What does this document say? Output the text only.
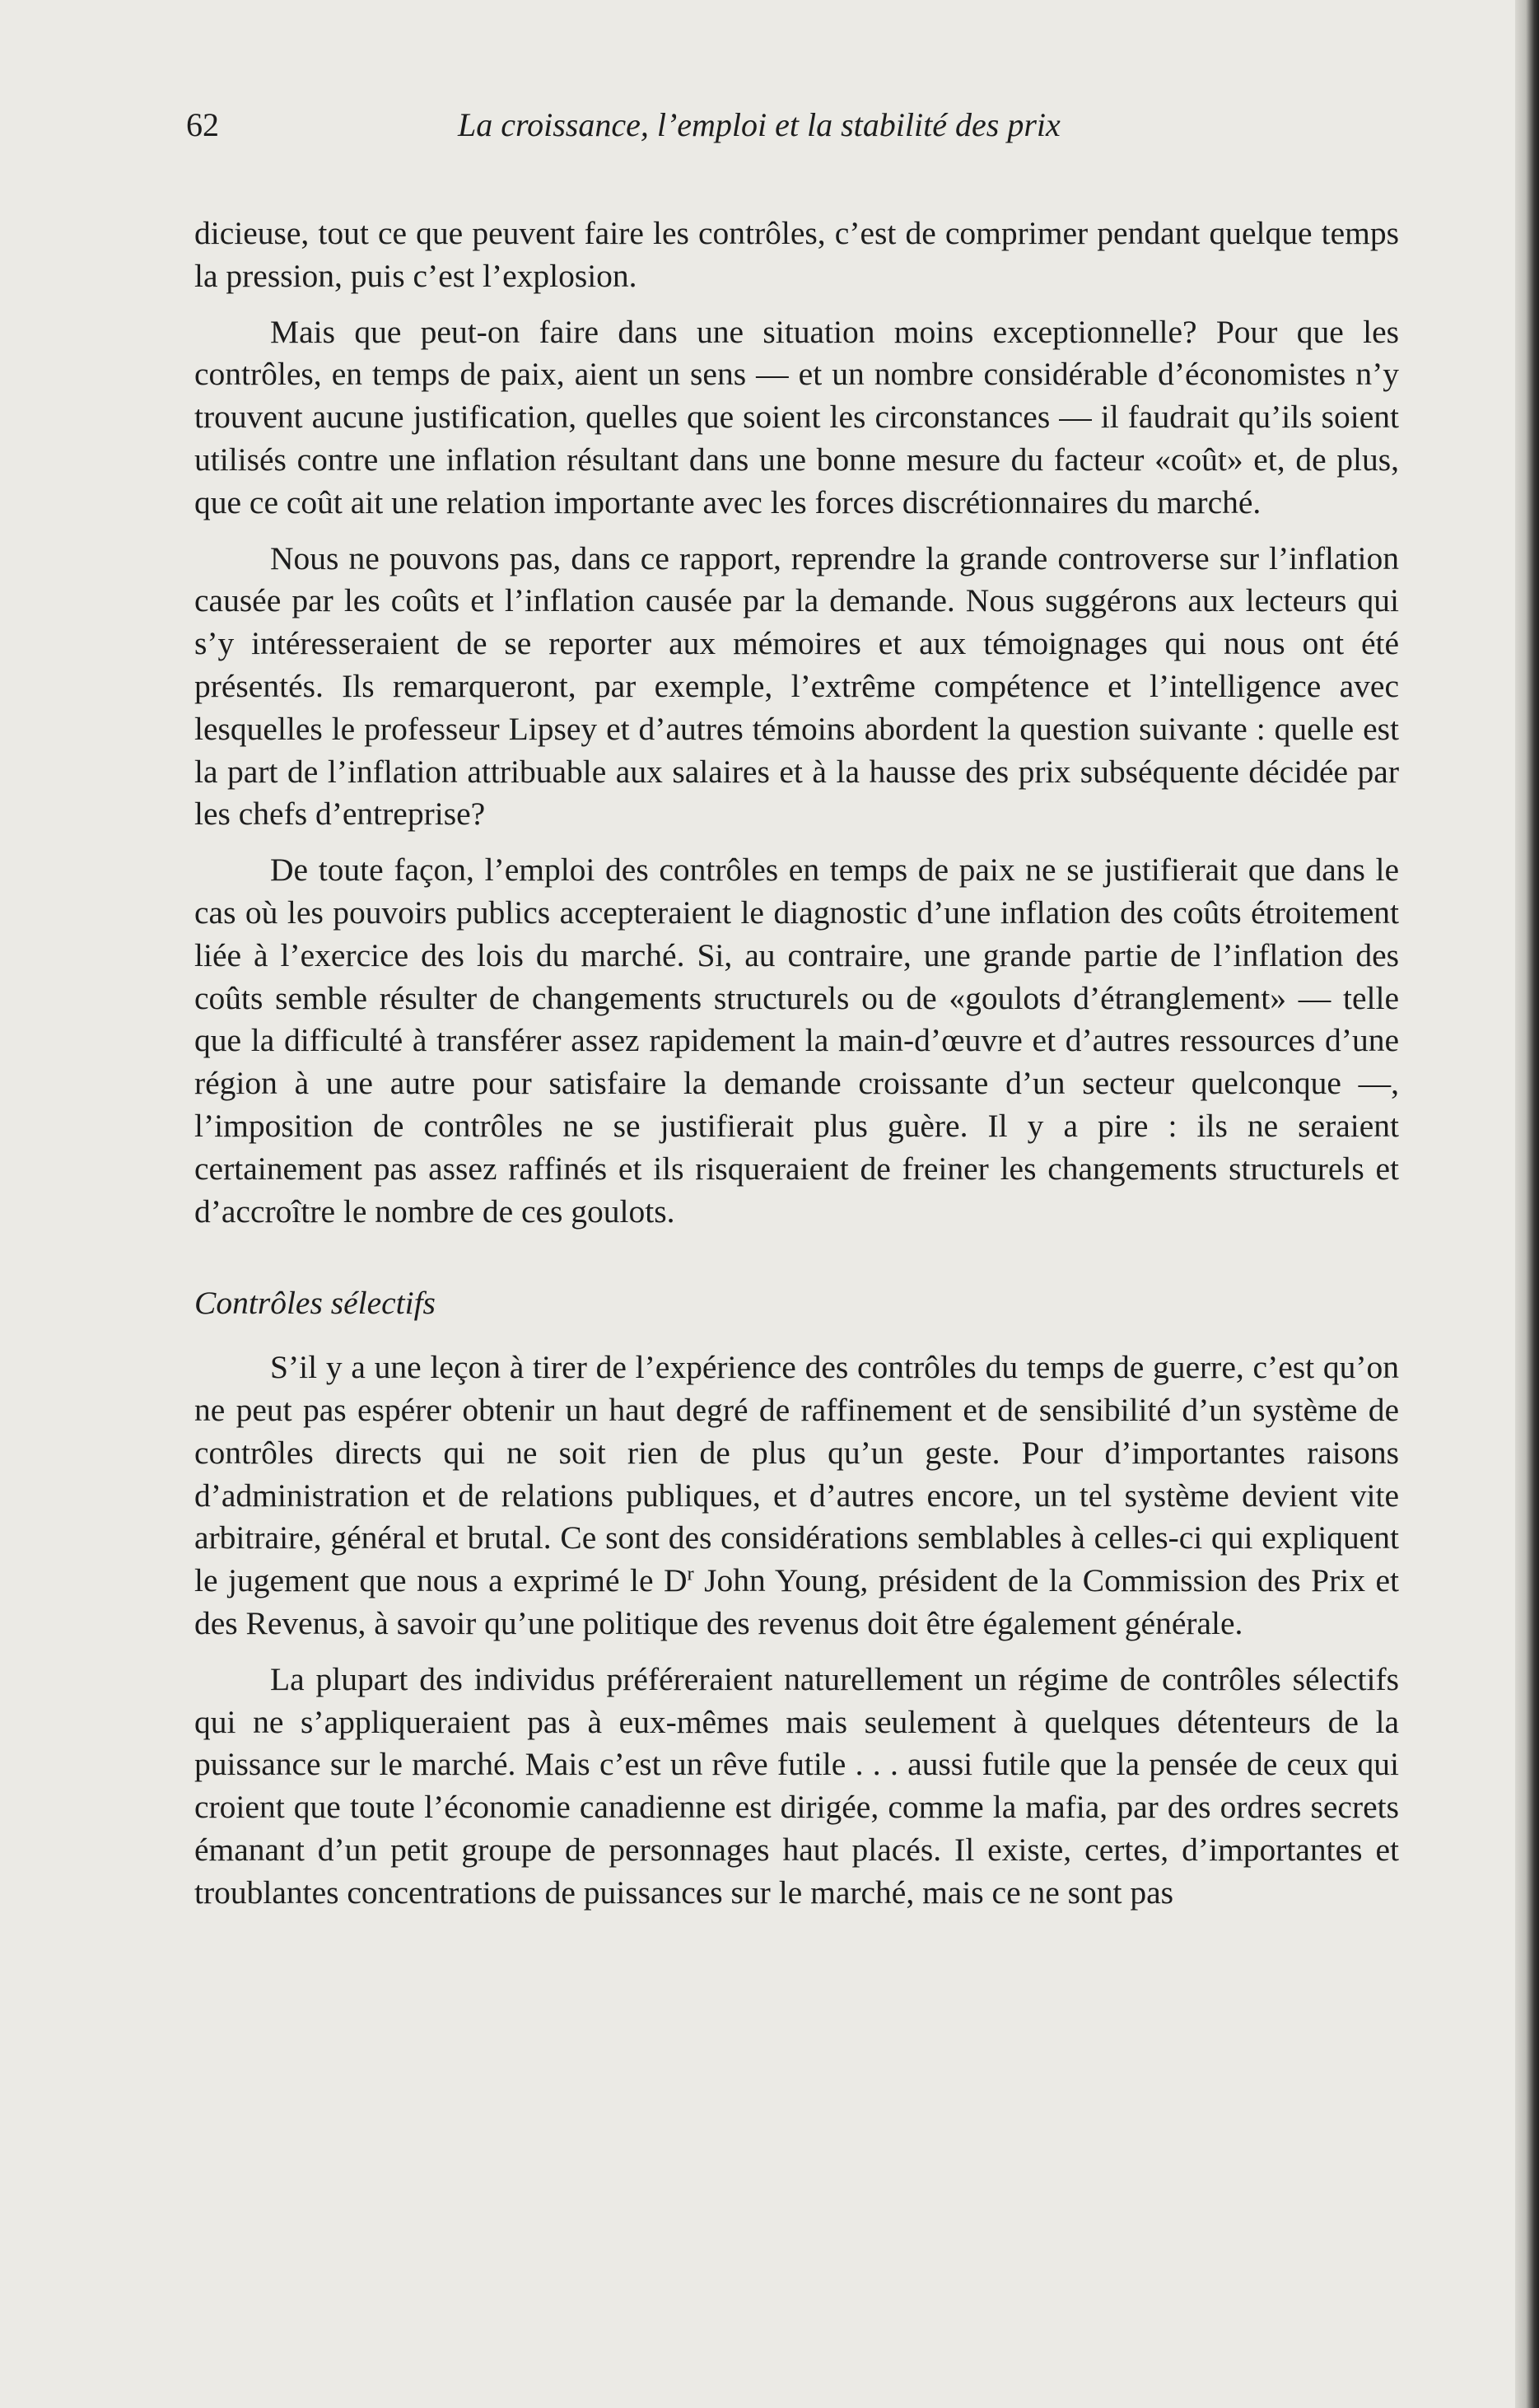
62	La croissance, l’emploi et la stabilité des prix

dicieuse, tout ce que peuvent faire les contrôles, c’est de comprimer pendant quelque temps la pression, puis c’est l’explosion.

Mais que peut-on faire dans une situation moins exceptionnelle? Pour que les contrôles, en temps de paix, aient un sens — et un nombre considérable d’économistes n’y trouvent aucune justification, quelles que soient les circonstances — il faudrait qu’ils soient utilisés contre une inflation résultant dans une bonne mesure du facteur «coût» et, de plus, que ce coût ait une relation importante avec les forces discrétionnaires du marché.

Nous ne pouvons pas, dans ce rapport, reprendre la grande controverse sur l’inflation causée par les coûts et l’inflation causée par la demande. Nous suggérons aux lecteurs qui s’y intéresseraient de se reporter aux mémoires et aux témoignages qui nous ont été présentés. Ils remarqueront, par exemple, l’extrême compétence et l’intelligence avec lesquelles le professeur Lipsey et d’autres témoins abordent la question suivante : quelle est la part de l’inflation attribuable aux salaires et à la hausse des prix subséquente décidée par les chefs d’entreprise?

De toute façon, l’emploi des contrôles en temps de paix ne se justifierait que dans le cas où les pouvoirs publics accepteraient le diagnostic d’une inflation des coûts étroitement liée à l’exercice des lois du marché. Si, au contraire, une grande partie de l’inflation des coûts semble résulter de changements structurels ou de «goulots d’étranglement» — telle que la difficulté à transférer assez rapidement la main-d’œuvre et d’autres ressources d’une région à une autre pour satisfaire la demande croissante d’un secteur quelconque —, l’imposition de contrôles ne se justifierait plus guère. Il y a pire : ils ne seraient certainement pas assez raffinés et ils risqueraient de freiner les changements structurels et d’accroître le nombre de ces goulots.

Contrôles sélectifs

S’il y a une leçon à tirer de l’expérience des contrôles du temps de guerre, c’est qu’on ne peut pas espérer obtenir un haut degré de raffinement et de sensibilité d’un système de contrôles directs qui ne soit rien de plus qu’un geste. Pour d’importantes raisons d’administration et de relations publiques, et d’autres encore, un tel système devient vite arbitraire, général et brutal. Ce sont des considérations semblables à celles-ci qui expliquent le jugement que nous a exprimé le $D^r$ John Young, président de la Commission des Prix et des Revenus, à savoir qu’une politique des revenus doit être également générale.

La plupart des individus préféreraient naturellement un régime de contrôles sélectifs qui ne s’appliqueraient pas à eux-mêmes mais seulement à quelques détenteurs de la puissance sur le marché. Mais c’est un rêve futile . . . aussi futile que la pensée de ceux qui croient que toute l’économie canadienne est dirigée, comme la mafia, par des ordres secrets émanant d’un petit groupe de personnages haut placés. Il existe, certes, d’importantes et troublantes concentrations de puissances sur le marché, mais ce ne sont pas
